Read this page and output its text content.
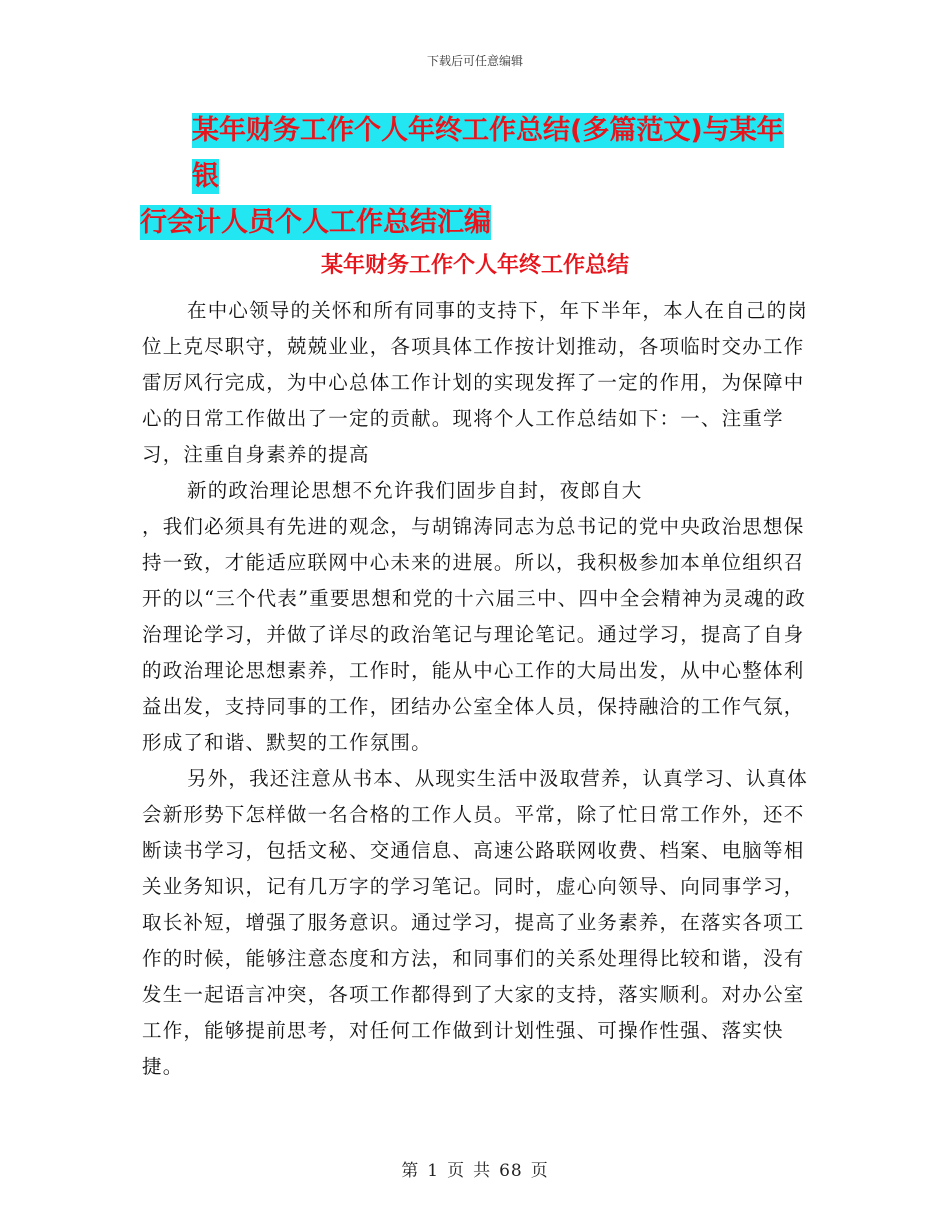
下载后可任意编辑
某年财务工作个人年终工作总结(多篇范文)与某年银
行会计人员个人工作总结汇编
某年财务工作个人年终工作总结

在中心领导的关怀和所有同事的支持下，年下半年，本人在自己的岗位上克尽职守，兢兢业业，各项具体工作按计划推动，各项临时交办工作雷厉风行完成，为中心总体工作计划的实现发挥了一定的作用，为保障中心的日常工作做出了一定的贡献。现将个人工作总结如下：一、注重学习，注重自身素养的提高

新的政治理论思想不允许我们固步自封，夜郎自大

，我们必须具有先进的观念，与胡锦涛同志为总书记的党中央政治思想保持一致，才能适应联网中心未来的进展。所以，我积极参加本单位组织召开的以“三个代表”重要思想和党的十六届三中、四中全会精神为灵魂的政治理论学习，并做了详尽的政治笔记与理论笔记。通过学习，提高了自身的政治理论思想素养，工作时，能从中心工作的大局出发，从中心整体利益出发，支持同事的工作，团结办公室全体人员，保持融洽的工作气氛，形成了和谐、默契的工作氛围。

另外，我还注意从书本、从现实生活中汲取营养，认真学习、认真体会新形势下怎样做一名合格的工作人员。平常，除了忙日常工作外，还不断读书学习，包括文秘、交通信息、高速公路联网收费、档案、电脑等相关业务知识，记有几万字的学习笔记。同时，虚心向领导、向同事学习，取长补短，增强了服务意识。通过学习，提高了业务素养，在落实各项工作的时候，能够注意态度和方法，和同事们的关系处理得比较和谐，没有发生一起语言冲突，各项工作都得到了大家的支持，落实顺利。对办公室工作，能够提前思考，对任何工作做到计划性强、可操作性强、落实快捷。

第 1 页 共 68 页
